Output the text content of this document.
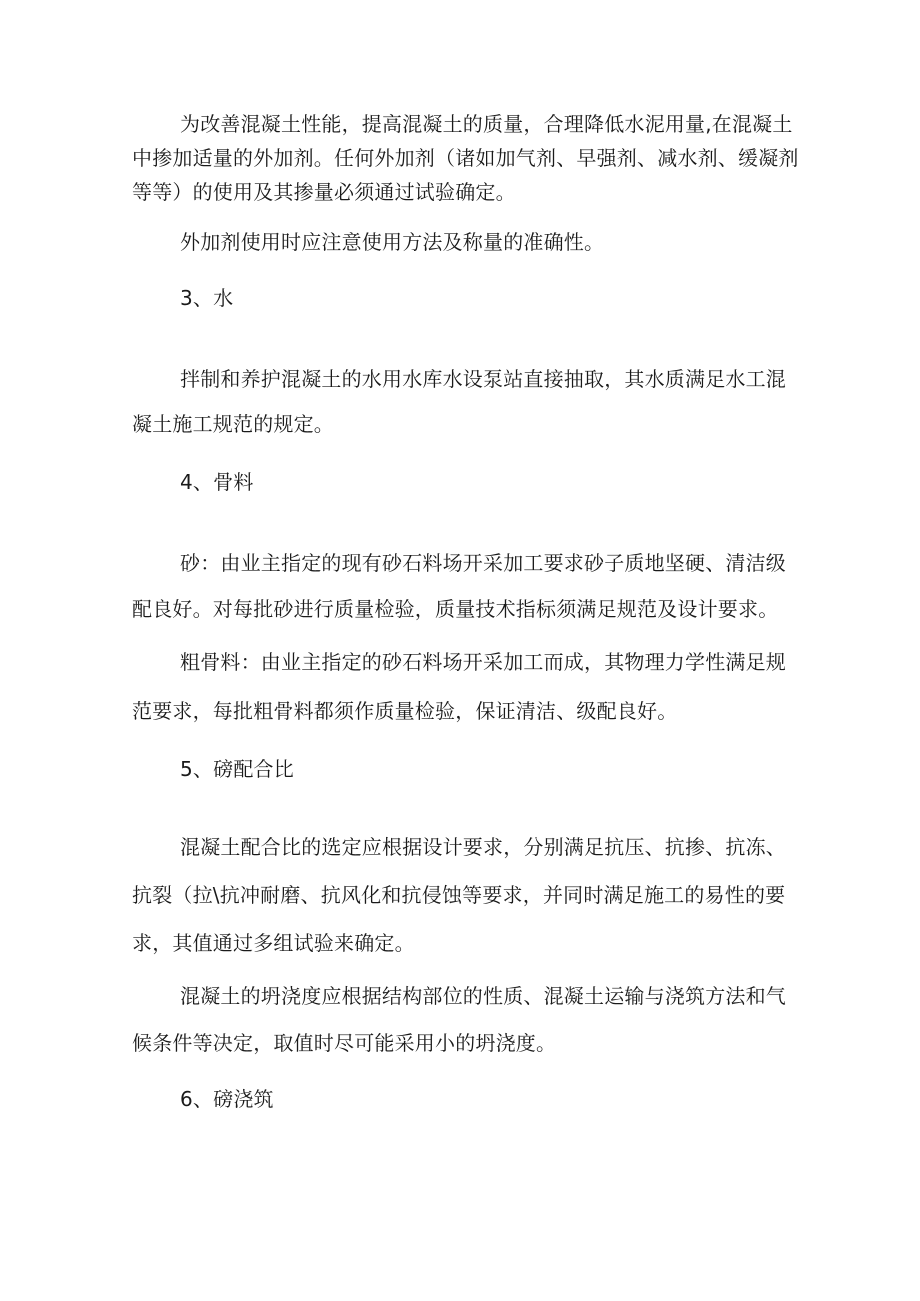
为改善混凝土性能，提高混凝土的质量，合理降低水泥用量,在混凝土

中掺加适量的外加剂。任何外加剂（诸如加气剂、早强剂、减水剂、缓凝剂

等等）的使用及其掺量必须通过试验确定。

外加剂使用时应注意使用方法及称量的准确性。

3、水

拌制和养护混凝土的水用水库水设泵站直接抽取，其水质满足水工混

凝土施工规范的规定。

4、骨料

砂：由业主指定的现有砂石料场开采加工要求砂子质地坚硬、清洁级

配良好。对每批砂进行质量检验，质量技术指标须满足规范及设计要求。

粗骨料：由业主指定的砂石料场开采加工而成，其物理力学性满足规

范要求，每批粗骨料都须作质量检验，保证清洁、级配良好。

5、磅配合比

混凝土配合比的选定应根据设计要求，分别满足抗压、抗掺、抗冻、

抗裂（拉\抗冲耐磨、抗风化和抗侵蚀等要求，并同时满足施工的易性的要

求，其值通过多组试验来确定。

混凝土的坍浇度应根据结构部位的性质、混凝土运输与浇筑方法和气

候条件等决定，取值时尽可能采用小的坍浇度。

6、磅浇筑
